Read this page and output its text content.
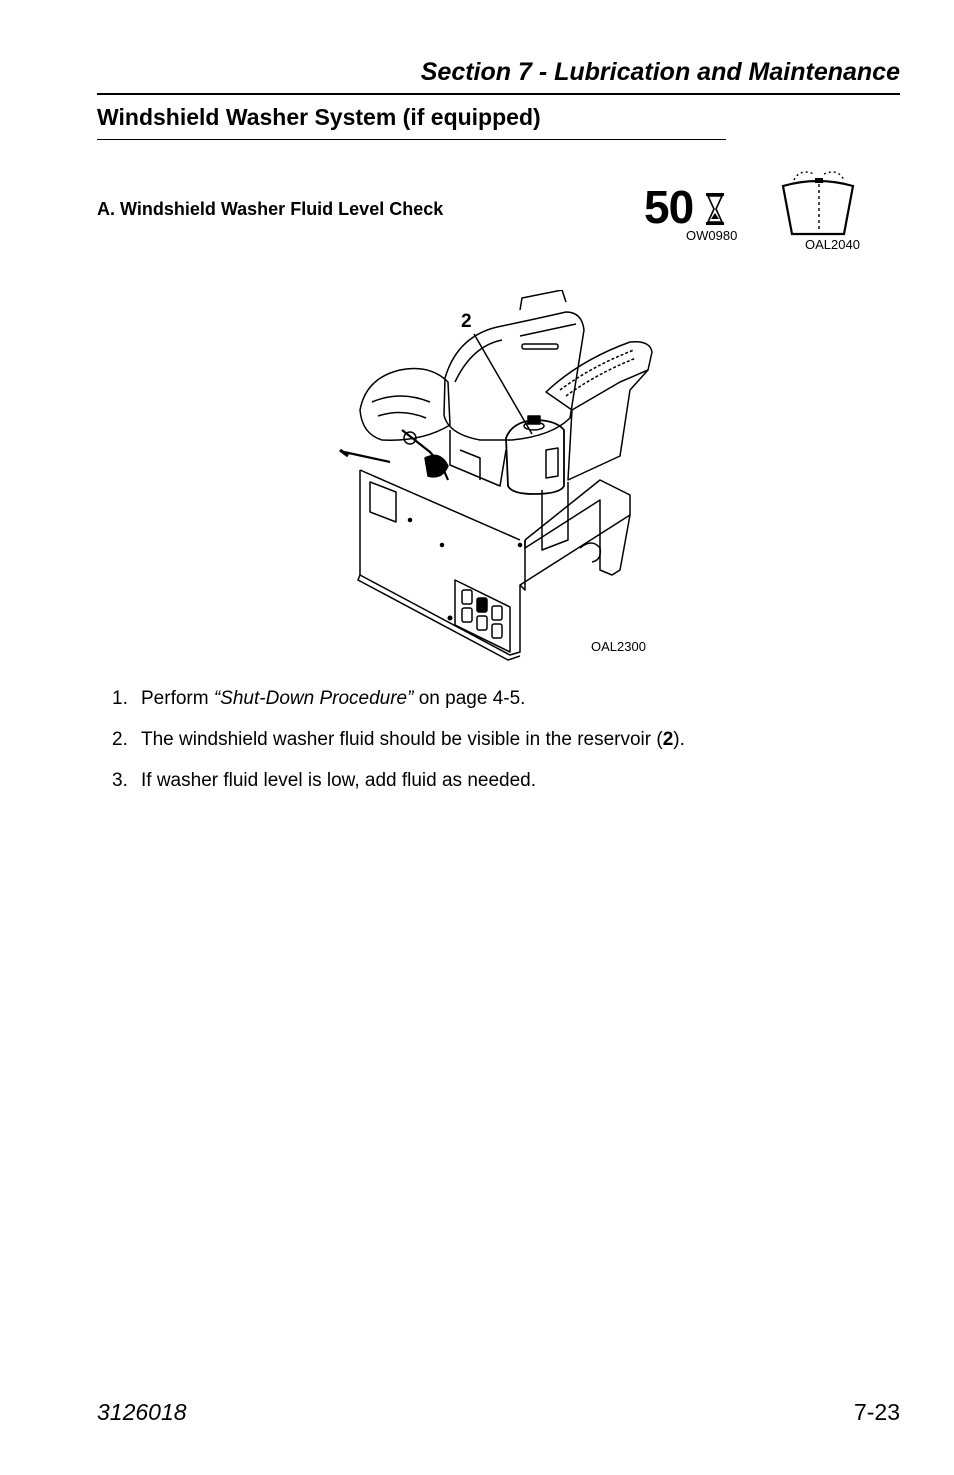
Section 7 - Lubrication and Maintenance
Windshield Washer System (if equipped)
A. Windshield Washer Fluid Level Check	50
OW0980
OAL2040
2
OAL2300
1. Perform “Shut-Down Procedure” on page 4-5.
2. The windshield washer fluid should be visible in the reservoir (2).
3. If washer fluid level is low, add fluid as needed.
3126018	7-23
